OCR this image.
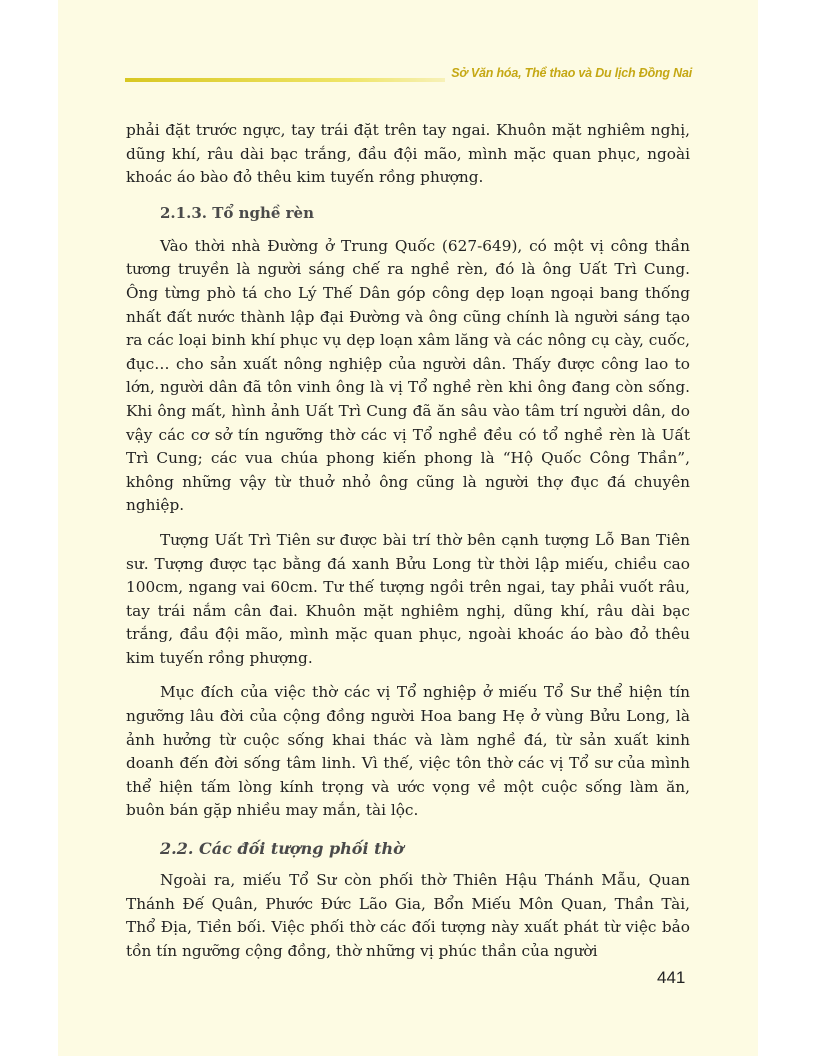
Sở Văn hóa, Thể thao và Du lịch Đồng Nai

phải đặt trước ngực, tay trái đặt trên tay ngai. Khuôn mặt nghiêm nghị, dũng khí, râu dài bạc trắng, đầu đội mão, mình mặc quan phục, ngoài khoác áo bào đỏ thêu kim tuyến rồng phượng.

2.1.3. Tổ nghề rèn

Vào thời nhà Đường ở Trung Quốc (627-649), có một vị công thần tương truyền là người sáng chế ra nghề rèn, đó là ông Uất Trì Cung. Ông từng phò tá cho Lý Thế Dân góp công dẹp loạn ngoại bang thống nhất đất nước thành lập đại Đường và ông cũng chính là người sáng tạo ra các loại binh khí phục vụ dẹp loạn xâm lăng và các nông cụ cày, cuốc, đục… cho sản xuất nông nghiệp của người dân. Thấy được công lao to lớn, người dân đã tôn vinh ông là vị Tổ nghề rèn khi ông đang còn sống. Khi ông mất, hình ảnh Uất Trì Cung đã ăn sâu vào tâm trí người dân, do vậy các cơ sở tín ngưỡng thờ các vị Tổ nghề đều có tổ nghề rèn là Uất Trì Cung; các vua chúa phong kiến phong là “Hộ Quốc Công Thần”, không những vậy từ thuở nhỏ ông cũng là người thợ đục đá chuyên nghiệp.

Tượng Uất Trì Tiên sư được bài trí thờ bên cạnh tượng Lỗ Ban Tiên sư. Tượng được tạc bằng đá xanh Bửu Long từ thời lập miếu, chiều cao 100cm, ngang vai 60cm. Tư thế tượng ngồi trên ngai, tay phải vuốt râu, tay trái nắm cân đai. Khuôn mặt nghiêm nghị, dũng khí, râu dài bạc trắng, đầu đội mão, mình mặc quan phục, ngoài khoác áo bào đỏ thêu kim tuyến rồng phượng.

Mục đích của việc thờ các vị Tổ nghiệp ở miếu Tổ Sư thể hiện tín ngưỡng lâu đời của cộng đồng người Hoa bang Hẹ ở vùng Bửu Long, là ảnh hưởng từ cuộc sống khai thác và làm nghề đá, từ sản xuất kinh doanh đến đời sống tâm linh. Vì thế, việc tôn thờ các vị Tổ sư của mình thể hiện tấm lòng kính trọng và ước vọng về một cuộc sống làm ăn, buôn bán gặp nhiều may mắn, tài lộc.

2.2. Các đối tượng phối thờ

Ngoài ra, miếu Tổ Sư còn phối thờ Thiên Hậu Thánh Mẫu, Quan Thánh Đế Quân, Phước Đức Lão Gia, Bổn Miếu Môn Quan, Thần Tài, Thổ Địa, Tiền bối. Việc phối thờ các đối tượng này xuất phát từ việc bảo tồn tín ngưỡng cộng đồng, thờ những vị phúc thần của người

441
